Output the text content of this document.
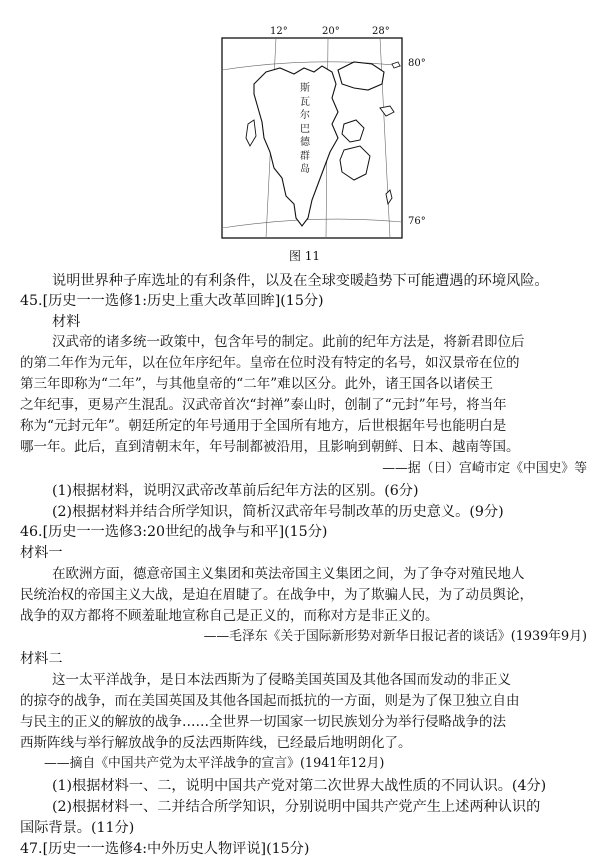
12°	20°	28°
80°
76°
斯
瓦
尔
巴
德
群
岛
图 11
说明世界种子库选址的有利条件，以及在全球变暖趋势下可能遭遇的环境风险。
45.[历史一一选修1:历史上重大改革回眸](15分)
材料
汉武帝的诸多统一政策中，包含年号的制定。此前的纪年方法是，将新君即位后
的第二年作为元年，以在位年序纪年。皇帝在位时没有特定的名号，如汉景帝在位的
第三年即称为“二年”，与其他皇帝的“二年”难以区分。此外，诸王国各以诸侯王
之年纪事，更易产生混乱。汉武帝首次“封禅”泰山时，创制了“元封”年号，将当年
称为“元封元年”。朝廷所定的年号通用于全国所有地方，后世根据年号也能明白是
哪一年。此后，直到清朝末年，年号制都被沿用，且影响到朝鲜、日本、越南等国。
——据（日）宫崎市定《中国史》等
(1)根据材料，说明汉武帝改革前后纪年方法的区别。(6分)
(2)根据材料并结合所学知识，简析汉武帝年号制改革的历史意义。(9分)
46.[历史一一选修3:20世纪的战争与和平](15分)
材料一
在欧洲方面，德意帝国主义集团和英法帝国主义集团之间，为了争夺对殖民地人
民统治权的帝国主义大战，是迫在眉睫了。在战争中，为了欺骗人民，为了动员舆论，
战争的双方都将不顾羞耻地宣称自己是正义的，而称对方是非正义的。
——毛泽东《关于国际新形势对新华日报记者的谈话》(1939年9月)
材料二
这一太平洋战争，是日本法西斯为了侵略美国英国及其他各国而发动的非正义
的掠夺的战争，而在美国英国及其他各国起而抵抗的一方面，则是为了保卫独立自由
与民主的正义的解放的战争……全世界一切国家一切民族划分为举行侵略战争的法
西斯阵线与举行解放战争的反法西斯阵线，已经最后地明朗化了。
——摘自《中国共产党为太平洋战争的宣言》(1941年12月)
(1)根据材料一、二，说明中国共产党对第二次世界大战性质的不同认识。(4分)
(2)根据材料一、二并结合所学知识，分别说明中国共产党产生上述两种认识的
国际背景。(11分)
47.[历史一一选修4:中外历史人物评说](15分)
